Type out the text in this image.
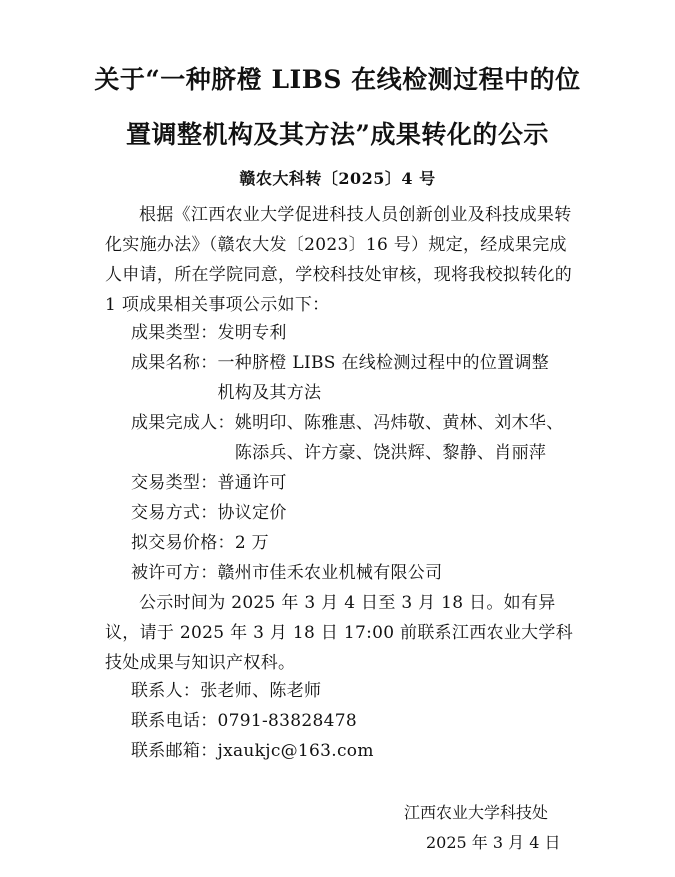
关于“一种脐橙 LIBS 在线检测过程中的位
置调整机构及其方法”成果转化的公示
赣农大科转〔2025〕4 号

根据《江西农业大学促进科技人员创新创业及科技成果转化实施办法》（赣农大发〔2023〕16 号）规定，经成果完成人申请，所在学院同意，学校科技处审核，现将我校拟转化的 1 项成果相关事项公示如下：

成果类型： 发明专利
成果名称： 一种脐橙 LIBS 在线检测过程中的位置调整
机构及其方法
成果完成人： 姚明印、陈雅惠、冯炜敬、黄林、刘木华、
陈添兵、许方豪、饶洪辉、黎静、肖丽萍
交易类型： 普通许可
交易方式： 协议定价
拟交易价格： 2 万
被许可方： 赣州市佳禾农业机械有限公司

公示时间为 2025 年 3 月 4 日至 3 月 18 日。如有异议，请于 2025 年 3 月 18 日 17:00 前联系江西农业大学科技处成果与知识产权科。

联系人： 张老师、陈老师
联系电话： 0791-83828478
联系邮箱： jxaukjc@163.com
江西农业大学科技处
2025 年 3 月 4 日
